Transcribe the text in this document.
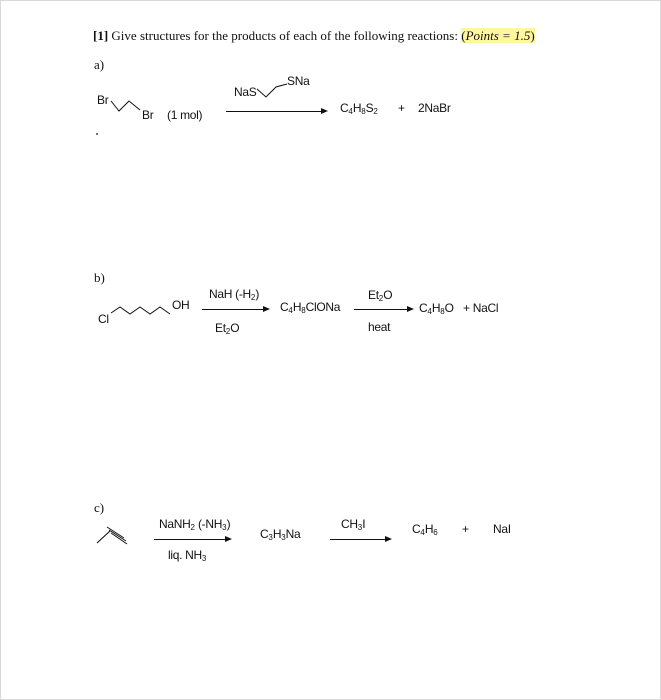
[1] Give structures for the products of each of the following reactions: (Points = 1.5)
a)
Br
Br (1 mol)
NaS
SNa
$C_4H_8S_2$ + 2NaBr
b)
Cl
OH
NaH $(-H_2)$
$Et_2O$
$C_4H_8ClONa$
$Et_2O$
heat
$C_4H_8O$ + NaCl
c)
NaNH$_2$ $(-NH_3)$
liq. $NH_3$
$C_3H_3Na$
$CH_3I$	$C_4H_6$ + NaI
